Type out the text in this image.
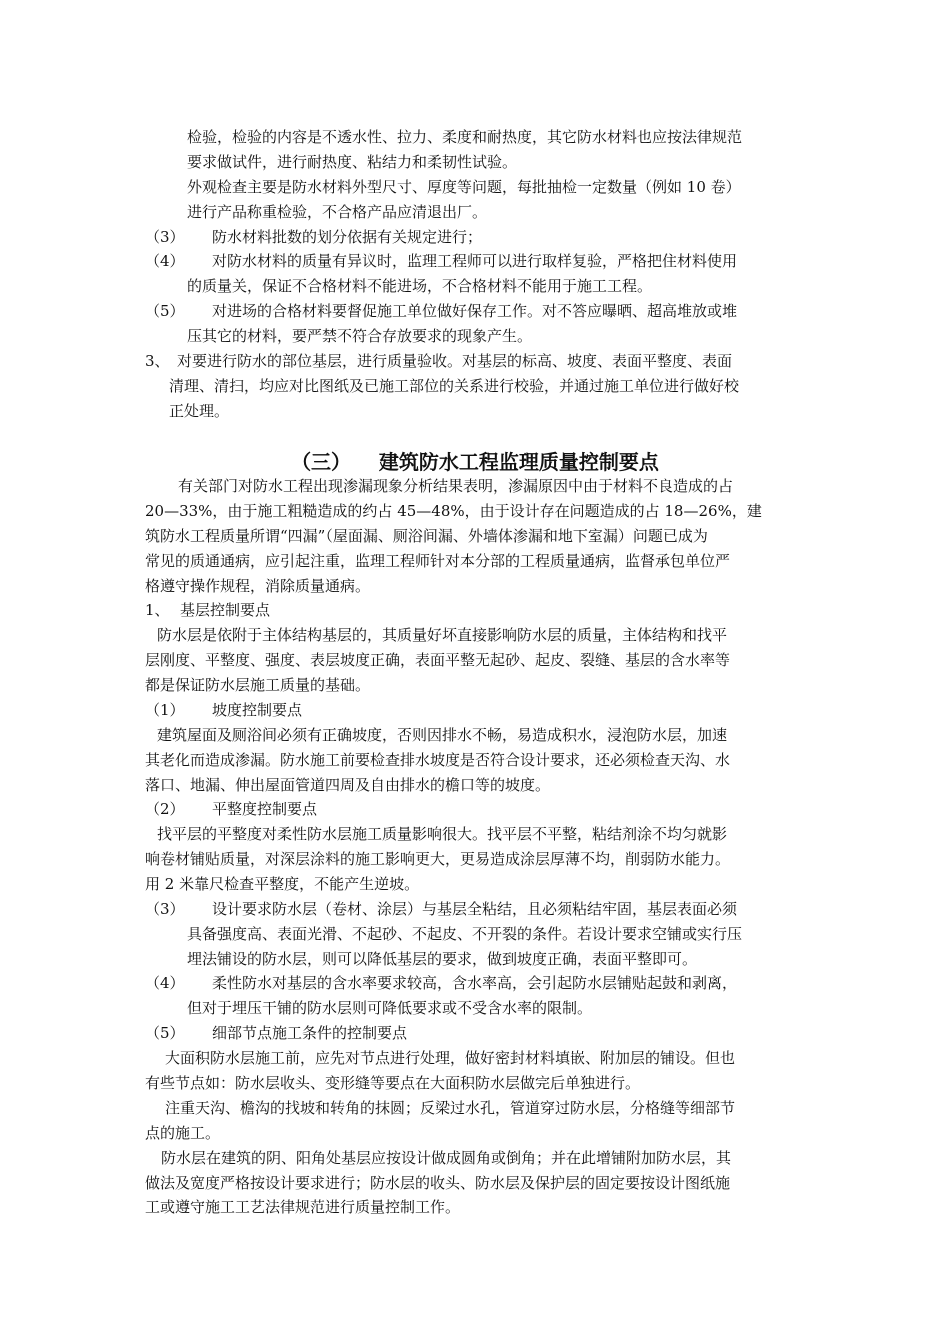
检验，检验的内容是不透水性、拉力、柔度和耐热度，其它防水材料也应按法律规范
要求做试件，进行耐热度、粘结力和柔韧性试验。
外观检查主要是防水材料外型尺寸、厚度等问题，每批抽检一定数量（例如 10 卷）
进行产品称重检验，不合格产品应清退出厂。
（3） 防水材料批数的划分依据有关规定进行；
（4） 对防水材料的质量有异议时，监理工程师可以进行取样复验，严格把住材料使用
的质量关，保证不合格材料不能进场，不合格材料不能用于施工工程。
（5） 对进场的合格材料要督促施工单位做好保存工作。对不答应曝晒、超高堆放或堆
压其它的材料，要严禁不符合存放要求的现象产生。
3、 对要进行防水的部位基层，进行质量验收。对基层的标高、坡度、表面平整度、表面
清理、清扫，均应对比图纸及已施工部位的关系进行校验，并通过施工单位进行做好校
正处理。
（三）    建筑防水工程监理质量控制要点
有关部门对防水工程出现渗漏现象分析结果表明，渗漏原因中由于材料不良造成的占
20—33%，由于施工粗糙造成的约占 45—48%，由于设计存在问题造成的占 18—26%，建
筑防水工程质量所谓“四漏”（屋面漏、厕浴间漏、外墙体渗漏和地下室漏）问题已成为
常见的质通通病，应引起注重，监理工程师针对本分部的工程质量通病，监督承包单位严
格遵守操作规程，消除质量通病。
1、 基层控制要点
防水层是依附于主体结构基层的，其质量好坏直接影响防水层的质量，主体结构和找平
层刚度、平整度、强度、表层坡度正确，表面平整无起砂、起皮、裂缝、基层的含水率等
都是保证防水层施工质量的基础。
（1） 坡度控制要点
建筑屋面及厕浴间必须有正确坡度，否则因排水不畅，易造成积水，浸泡防水层，加速
其老化而造成渗漏。防水施工前要检查排水坡度是否符合设计要求，还必须检查天沟、水
落口、地漏、伸出屋面管道四周及自由排水的檐口等的坡度。
（2） 平整度控制要点
找平层的平整度对柔性防水层施工质量影响很大。找平层不平整，粘结剂涂不均匀就影
响卷材铺贴质量，对深层涂料的施工影响更大，更易造成涂层厚薄不均，削弱防水能力。
用 2 米靠尺检查平整度，不能产生逆坡。
（3） 设计要求防水层（卷材、涂层）与基层全粘结，且必须粘结牢固，基层表面必须
具备强度高、表面光滑、不起砂、不起皮、不开裂的条件。若设计要求空铺或实行压
埋法铺设的防水层，则可以降低基层的要求，做到坡度正确，表面平整即可。
（4） 柔性防水对基层的含水率要求较高，含水率高，会引起防水层铺贴起鼓和剥离，
但对于埋压干铺的防水层则可降低要求或不受含水率的限制。
（5） 细部节点施工条件的控制要点
大面积防水层施工前，应先对节点进行处理，做好密封材料填嵌、附加层的铺设。但也
有些节点如：防水层收头、变形缝等要点在大面积防水层做完后单独进行。
注重天沟、檐沟的找坡和转角的抹圆；反梁过水孔，管道穿过防水层，分格缝等细部节
点的施工。
防水层在建筑的阴、阳角处基层应按设计做成圆角或倒角；并在此增铺附加防水层，其
做法及宽度严格按设计要求进行；防水层的收头、防水层及保护层的固定要按设计图纸施
工或遵守施工工艺法律规范进行质量控制工作。
